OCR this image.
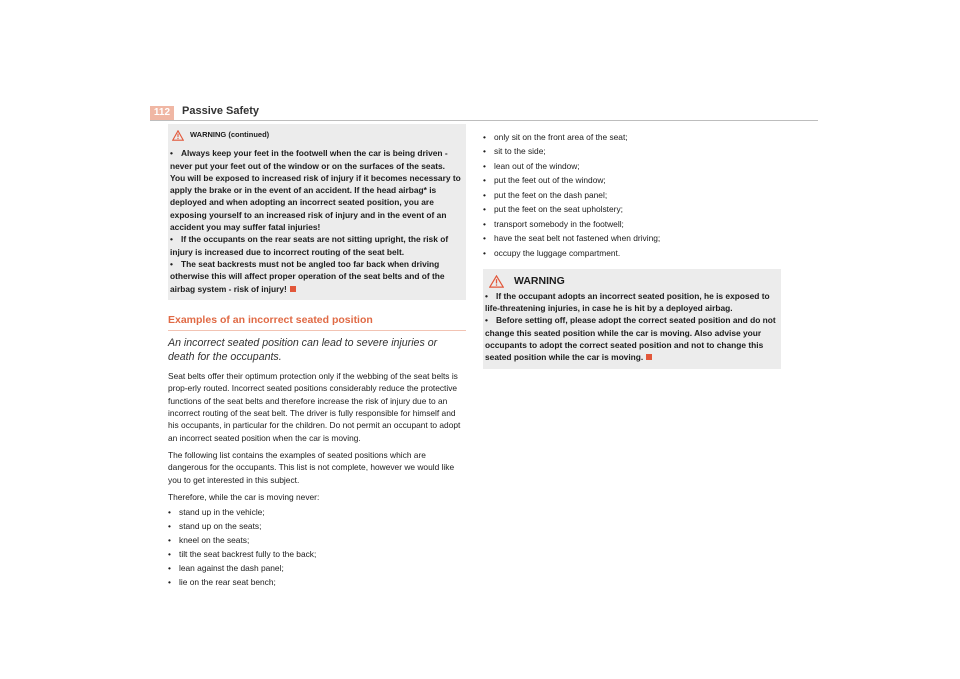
112	Passive Safety
WARNING (continued)

• Always keep your feet in the footwell when the car is being driven - never put your feet out of the window or on the surfaces of the seats. You will be exposed to increased risk of injury if it becomes necessary to apply the brake or in the event of an accident. If the head airbag* is deployed and when adopting an incorrect seated position, you are exposing yourself to an increased risk of injury and in the event of an accident you may suffer fatal injuries!

• If the occupants on the rear seats are not sitting upright, the risk of injury is increased due to incorrect routing of the seat belt.

• The seat backrests must not be angled too far back when driving otherwise this will affect proper operation of the seat belts and of the airbag system - risk of injury!

Examples of an incorrect seated position
An incorrect seated position can lead to severe injuries or death for the occupants.

Seat belts offer their optimum protection only if the webbing of the seat belts is prop-erly routed. Incorrect seated positions considerably reduce the protective functions of the seat belts and therefore increase the risk of injury due to an incorrect routing of the seat belt. The driver is fully responsible for himself and his occupants, in particular for the children. Do not permit an occupant to adopt an incorrect seated position when the car is moving.

The following list contains the examples of seated positions which are dangerous for the occupants. This list is not complete, however we would like you to get interested in this subject.

Therefore, while the car is moving never:

• stand up in the vehicle;
• stand up on the seats;
• kneel on the seats;
• tilt the seat backrest fully to the back;
• lean against the dash panel;
• lie on the rear seat bench;
• only sit on the front area of the seat;
• sit to the side;
• lean out of the window;
• put the feet out of the window;
• put the feet on the dash panel;
• put the feet on the seat upholstery;
• transport somebody in the footwell;
• have the seat belt not fastened when driving;
• occupy the luggage compartment.
WARNING

• If the occupant adopts an incorrect seated position, he is exposed to life-threatening injuries, in case he is hit by a deployed airbag.

• Before setting off, please adopt the correct seated position and do not change this seated position while the car is moving. Also advise your occupants to adopt the correct seated position and not to change this seated position while the car is moving.
